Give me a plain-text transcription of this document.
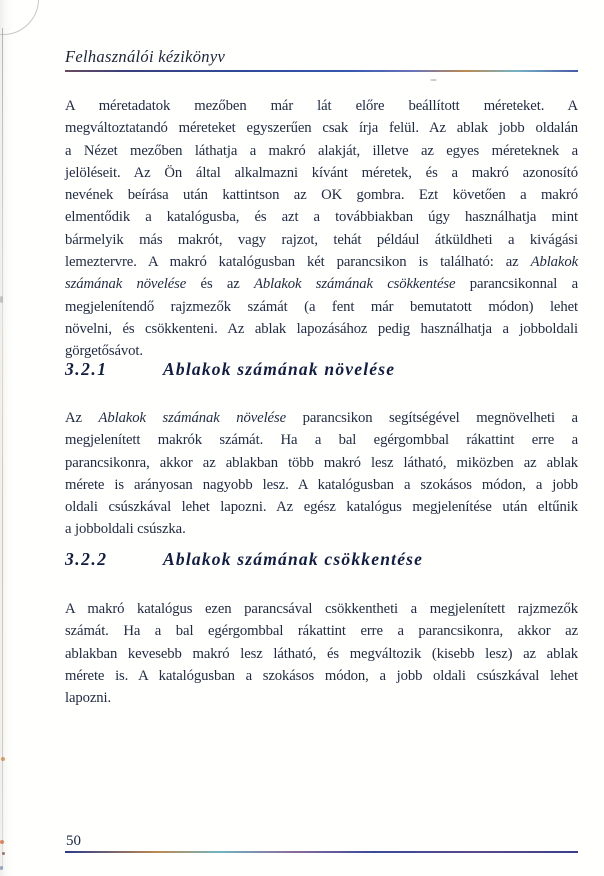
Felhasználói kézikönyv
A méretadatok mezőben már lát előre beállított méreteket. A
megváltoztatandó méreteket egyszerűen csak írja felül. Az ablak jobb oldalán
a Nézet mezőben láthatja a makró alakját, illetve az egyes méreteknek a
jelöléseit. Az Ön által alkalmazni kívánt méretek, és a makró azonosító
nevének beírása után kattintson az OK gombra. Ezt követően a makró
elmentődik a katalógusba, és azt a továbbiakban úgy használhatja mint
bármelyik más makrót, vagy rajzot, tehát például átküldheti a kivágási
lemeztervre. A makró katalógusban két parancsikon is található: az Ablakok
számának növelése és az Ablakok számának csökkentése parancsikonnal a
megjelenítendő rajzmezők számát (a fent már bemutatott módon) lehet
növelni, és csökkenteni. Az ablak lapozásához pedig használhatja a jobboldali
görgetősávot.
3.2.1	Ablakok számának növelése
Az Ablakok számának növelése parancsikon segítségével megnövelheti a
megjelenített makrók számát. Ha a bal egérgombbal rákattint erre a
parancsikonra, akkor az ablakban több makró lesz látható, miközben az ablak
mérete is arányosan nagyobb lesz. A katalógusban a szokásos módon, a jobb
oldali csúszkával lehet lapozni. Az egész katalógus megjelenítése után eltűnik
a jobboldali csúszka.
3.2.2	Ablakok számának csökkentése
A makró katalógus ezen parancsával csökkentheti a megjelenített rajzmezők
számát. Ha a bal egérgombbal rákattint erre a parancsikonra, akkor az
ablakban kevesebb makró lesz látható, és megváltozik (kisebb lesz) az ablak
mérete is. A katalógusban a szokásos módon, a jobb oldali csúszkával lehet
lapozni.
50
